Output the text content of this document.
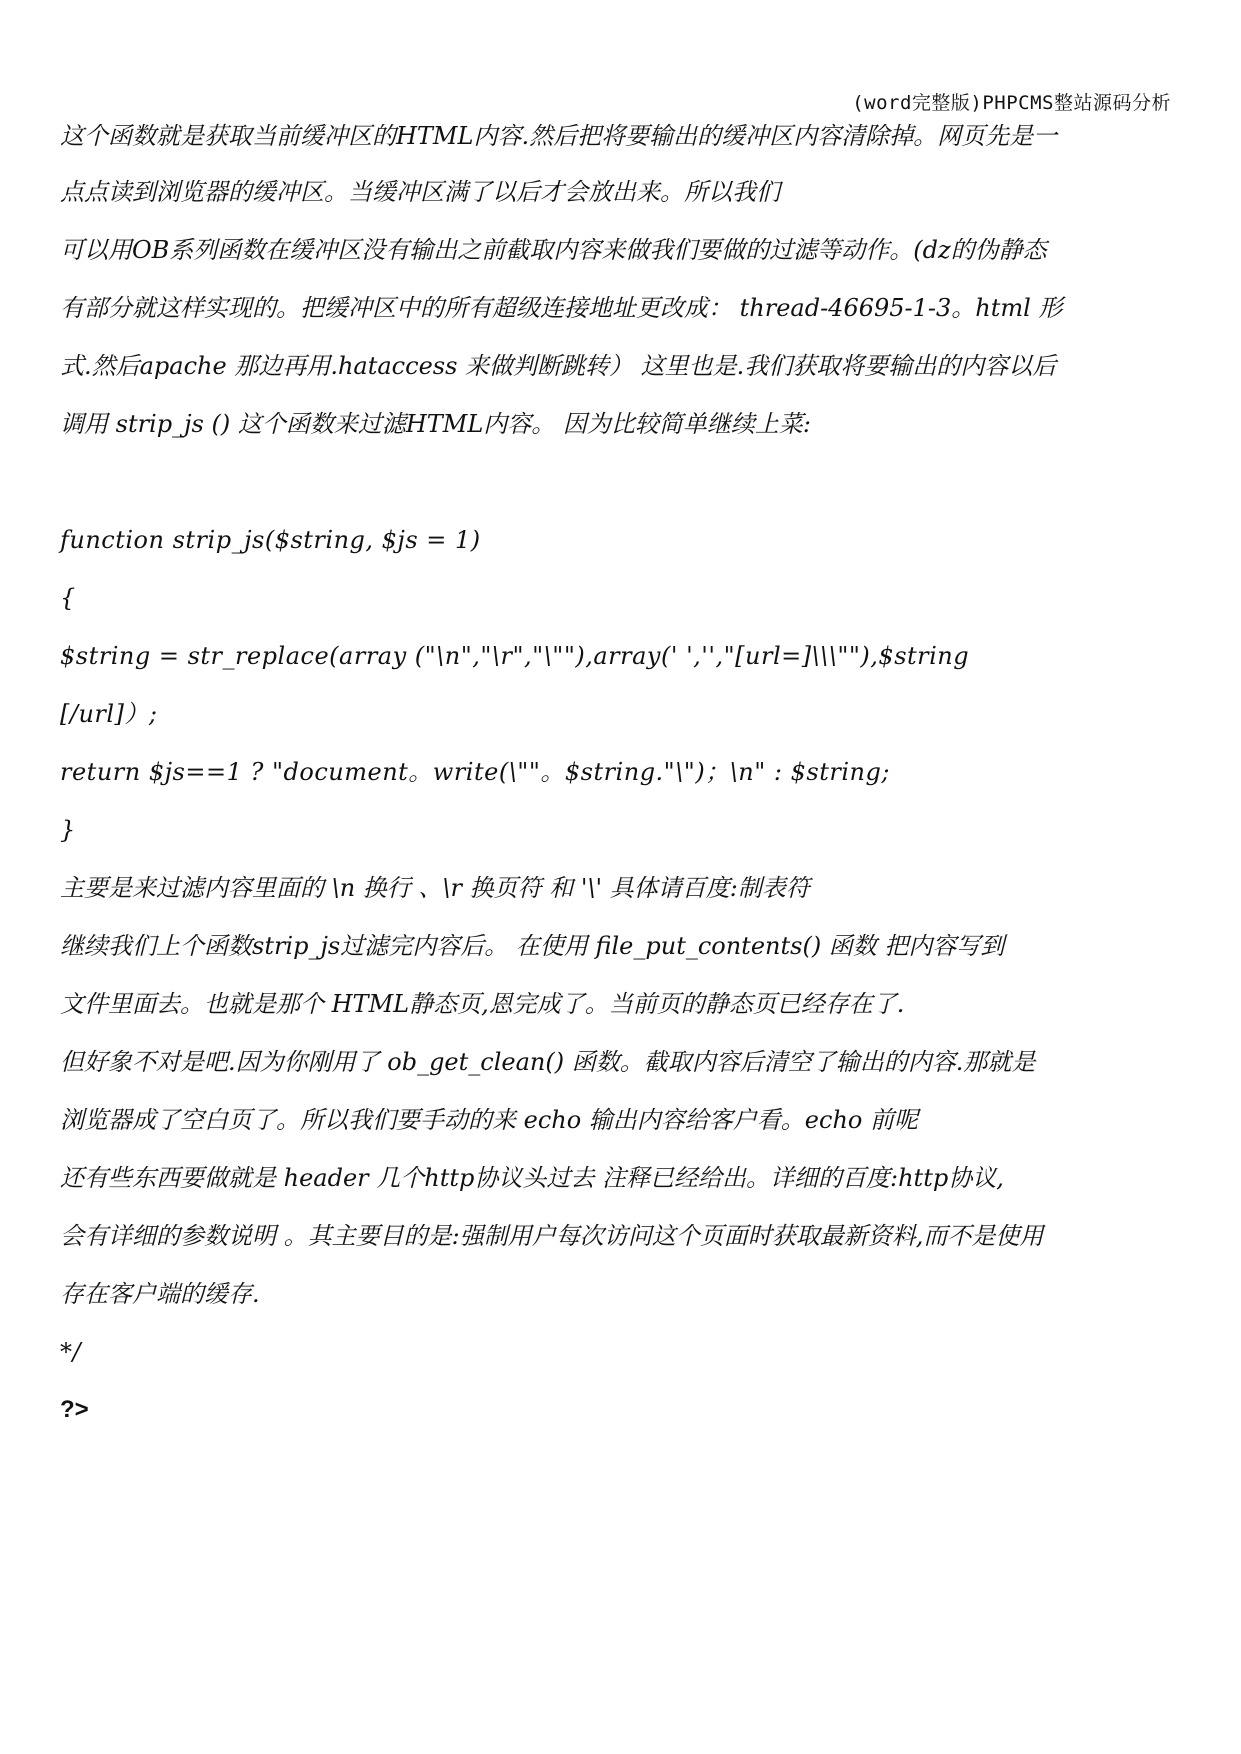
(word完整版)PHPCMS整站源码分析
这个函数就是获取当前缓冲区的HTML内容.然后把将要输出的缓冲区内容清除掉。网页先是一
点点读到浏览器的缓冲区。当缓冲区满了以后才会放出来。所以我们
可以用OB系列函数在缓冲区没有输出之前截取内容来做我们要做的过滤等动作。(dz的伪静态
有部分就这样实现的。把缓冲区中的所有超级连接地址更改成： thread-46695-1-3。html 形
式.然后apache 那边再用.hataccess 来做判断跳转） 这里也是.我们获取将要输出的内容以后
调用 strip_js () 这个函数来过滤HTML内容。 因为比较简单继续上菜:
function strip_js($string, $js = 1)
{
$string = str_replace(array ("\n","\r","\""),array(' ','',"[url=]\\\""),$string
[/url]）;
return $js==1 ? "document。write(\""。$string."\")；\n" : $string;
}
主要是来过滤内容里面的 \n 换行 、\r 换页符 和 '\' 具体请百度:制表符
继续我们上个函数strip_js过滤完内容后。 在使用 file_put_contents() 函数 把内容写到
文件里面去。也就是那个 HTML静态页,恩完成了。当前页的静态页已经存在了.
但好象不对是吧.因为你刚用了 ob_get_clean() 函数。截取内容后清空了输出的内容.那就是
浏览器成了空白页了。所以我们要手动的来 echo 输出内容给客户看。echo 前呢
还有些东西要做就是 header 几个http协议头过去 注释已经给出。详细的百度:http协议,
会有详细的参数说明 。其主要目的是:强制用户每次访问这个页面时获取最新资料,而不是使用
存在客户端的缓存.
*/
?>
